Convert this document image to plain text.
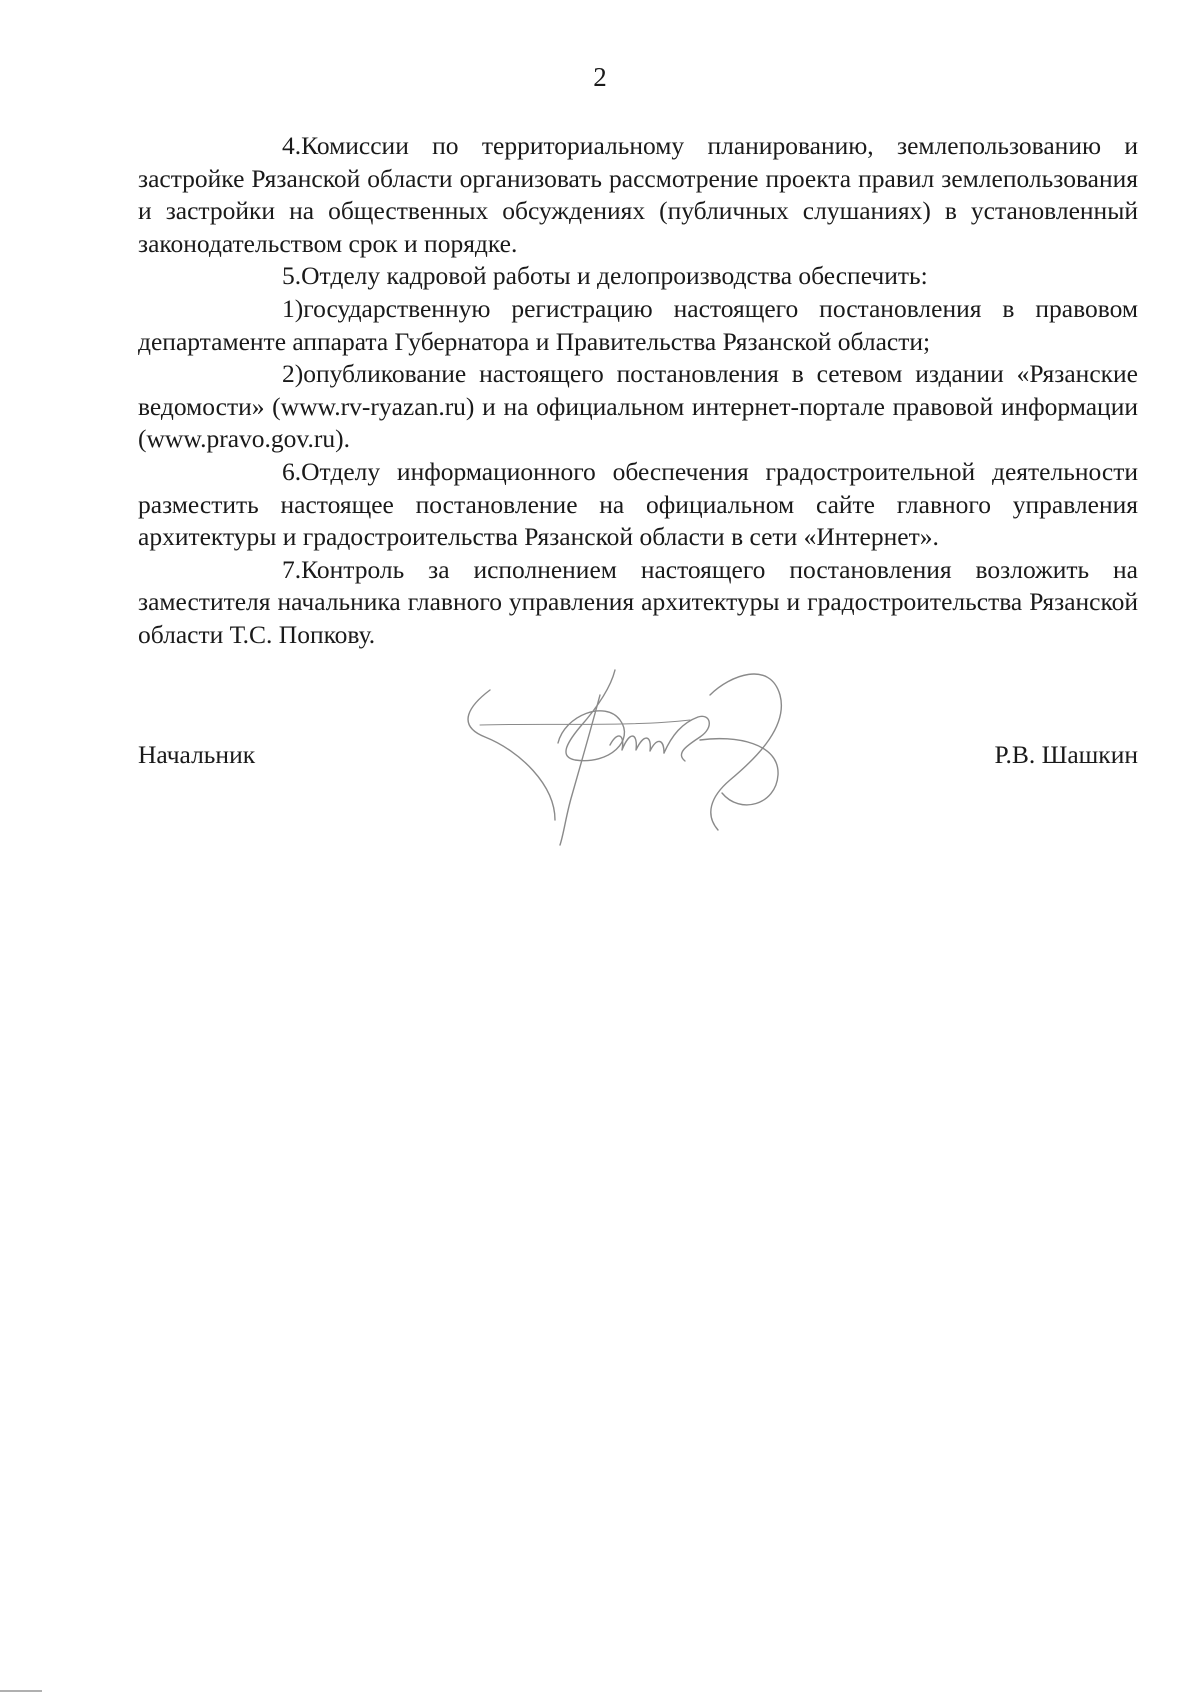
2

4.Комиссии по территориальному планированию, землепользованию и застройке Рязанской области организовать рассмотрение проекта правил землепользования и застройки на общественных обсуждениях (публичных слушаниях) в установленный законодательством срок и порядке.

5.Отделу кадровой работы и делопроизводства обеспечить:

1)государственную регистрацию настоящего постановления в правовом департаменте аппарата Губернатора и Правительства Рязанской области;

2)опубликование настоящего постановления в сетевом издании «Рязанские ведомости» (www.rv-ryazan.ru) и на официальном интернет-портале правовой информации (www.pravo.gov.ru).

6.Отделу информационного обеспечения градостроительной деятельности разместить настоящее постановление на официальном сайте главного управления архитектуры и градостроительства Рязанской области в сети «Интернет».

7.Контроль за исполнением настоящего постановления возложить на заместителя начальника главного управления архитектуры и градостроительства Рязанской области Т.С. Попкову.

Начальник	Р.В. Шашкин
